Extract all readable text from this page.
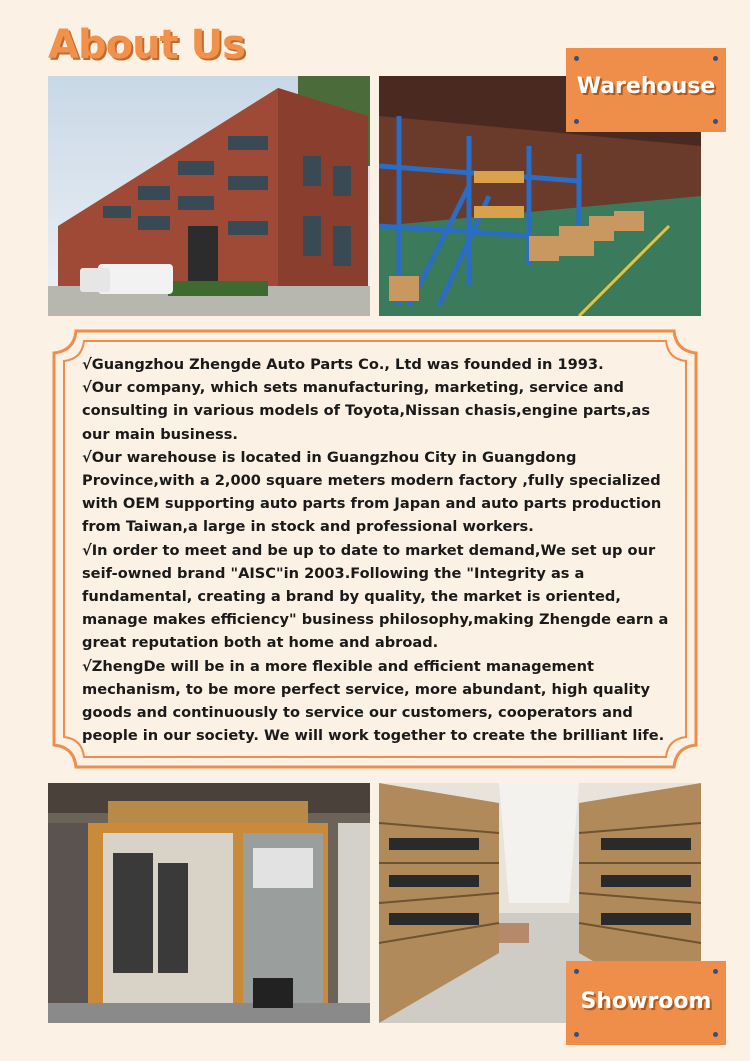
About Us
Warehouse

√Guangzhou Zhengde Auto Parts Co., Ltd was founded in 1993.

√Our company, which sets manufacturing, marketing, service and consulting in various models of Toyota,Nissan chasis,engine parts,as our main business.

√Our warehouse is located in Guangzhou City in Guangdong Province,with a 2,000 square meters modern factory ,fully specialized with OEM supporting auto parts from Japan and auto parts production from Taiwan,a large in stock and professional workers.

√In order to meet and be up to date to market demand,We set up our seif-owned brand "AISC"in 2003.Following the "Integrity as a fundamental, creating a brand by quality, the market is oriented, manage makes efficiency" business philosophy,making Zhengde earn a great reputation both at home and abroad.

√ZhengDe will be in a more flexible and efficient management mechanism, to be more perfect service, more abundant, high quality goods and continuously to service our customers, cooperators and people in our society. We will work together to create the brilliant life.

Showroom
